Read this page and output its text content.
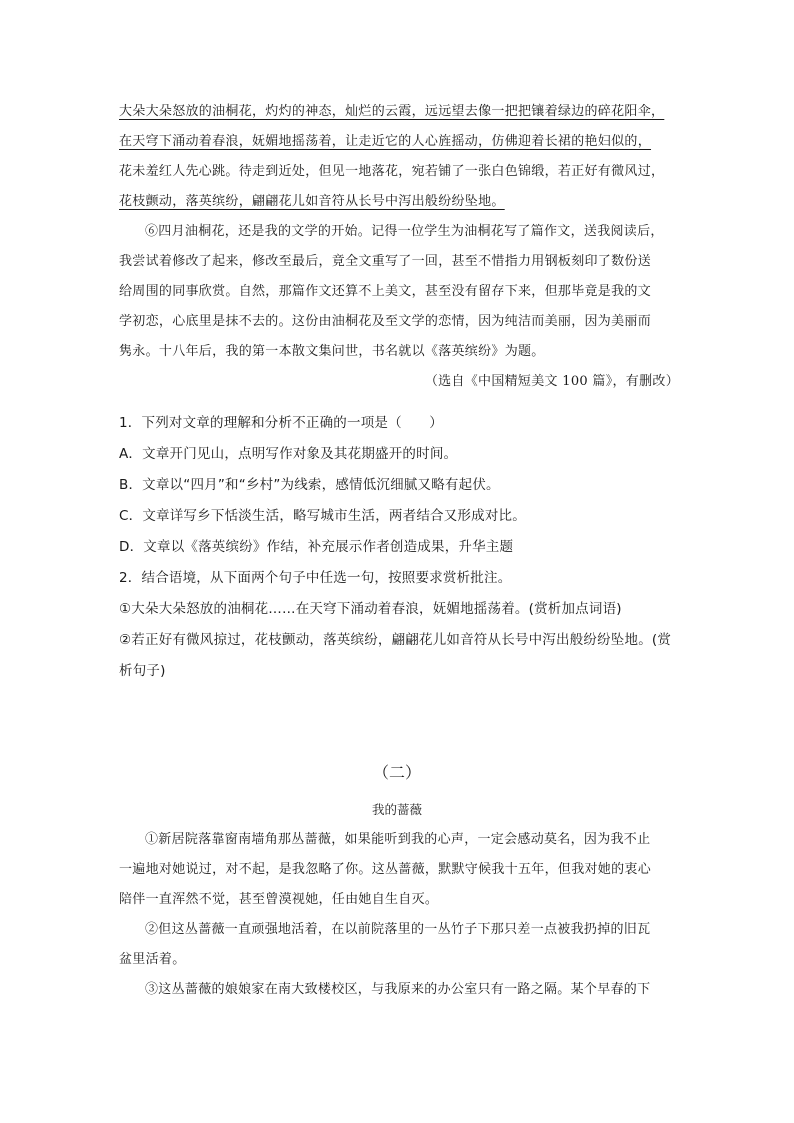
大朵大朵怒放的油桐花，灼灼的神态，灿烂的云霞，远远望去像一把把镶着绿边的碎花阳伞，
在天穹下涌动着春浪，妩媚地摇荡着，让走近它的人心旌摇动，仿佛迎着长裙的艳妇似的，
花未羞红人先心跳。待走到近处，但见一地落花，宛若铺了一张白色锦缎，若正好有微风过，
花枝颤动，落英缤纷，翩翩花儿如音符从长号中泻出般纷纷坠地。
⑥四月油桐花，还是我的文学的开始。记得一位学生为油桐花写了篇作文，送我阅读后，
我尝试着修改了起来，修改至最后，竟全文重写了一回，甚至不惜指力用钢板刻印了数份送
给周围的同事欣赏。自然，那篇作文还算不上美文，甚至没有留存下来，但那毕竟是我的文
学初恋，心底里是抹不去的。这份由油桐花及至文学的恋情，因为纯洁而美丽，因为美丽而
隽永。十八年后，我的第一本散文集问世，书名就以《落英缤纷》为题。
（选自《中国精短美文 100 篇》，有删改）
1．下列对文章的理解和分析不正确的一项是（　　）
A．文章开门见山，点明写作对象及其花期盛开的时间。
B．文章以“四月”和“乡村”为线索，感情低沉细腻又略有起伏。
C．文章详写乡下恬淡生活，略写城市生活，两者结合又形成对比。
D．文章以《落英缤纷》作结，补充展示作者创造成果，升华主题
2．结合语境，从下面两个句子中任选一句，按照要求赏析批注。
①大朵大朵怒放的油桐花……在天穹下涌动着春浪，妩媚地摇荡着。(赏析加点词语)
②若正好有微风掠过，花枝颤动，落英缤纷，翩翩花儿如音符从长号中泻出般纷纷坠地。(赏
析句子)
（二）
我的蔷薇
①新居院落靠窗南墙角那丛蔷薇，如果能听到我的心声，一定会感动莫名，因为我不止
一遍地对她说过，对不起，是我忽略了你。这丛蔷薇，默默守候我十五年，但我对她的衷心
陪伴一直浑然不觉，甚至曾漠视她，任由她自生自灭。
②但这丛蔷薇一直顽强地活着，在以前院落里的一丛竹子下那只差一点被我扔掉的旧瓦
盆里活着。
③这丛蔷薇的娘娘家在南大致楼校区，与我原来的办公室只有一路之隔。某个早春的下
